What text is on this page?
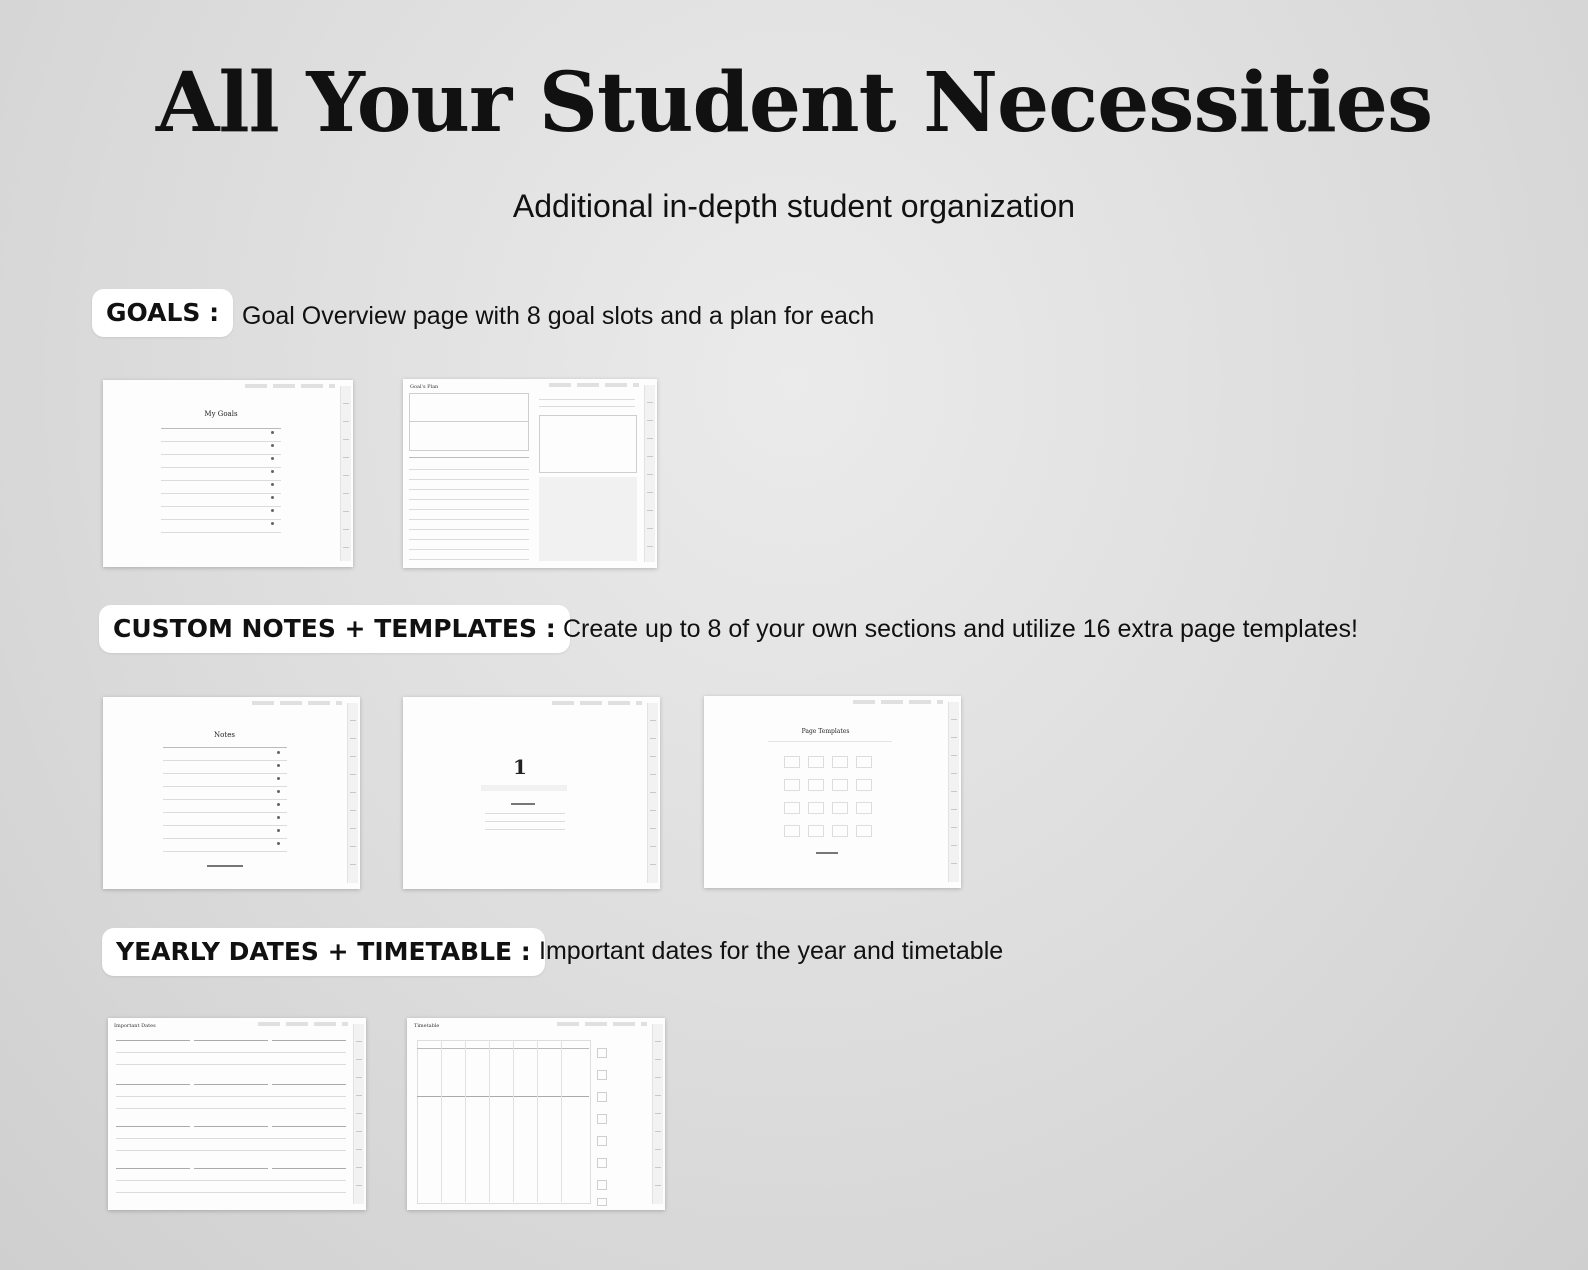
All Your Student Necessities
Additional in-depth student organization
GOALS : Goal Overview page with 8 goal slots and a plan for each
My Goals
Goal's Plan
CUSTOM NOTES + TEMPLATES : Create up to 8 of your own sections and utilize 16 extra page templates!
Notes
1
Page Templates
YEARLY DATES + TIMETABLE : Important dates for the year and timetable
Important Dates	Timetable
